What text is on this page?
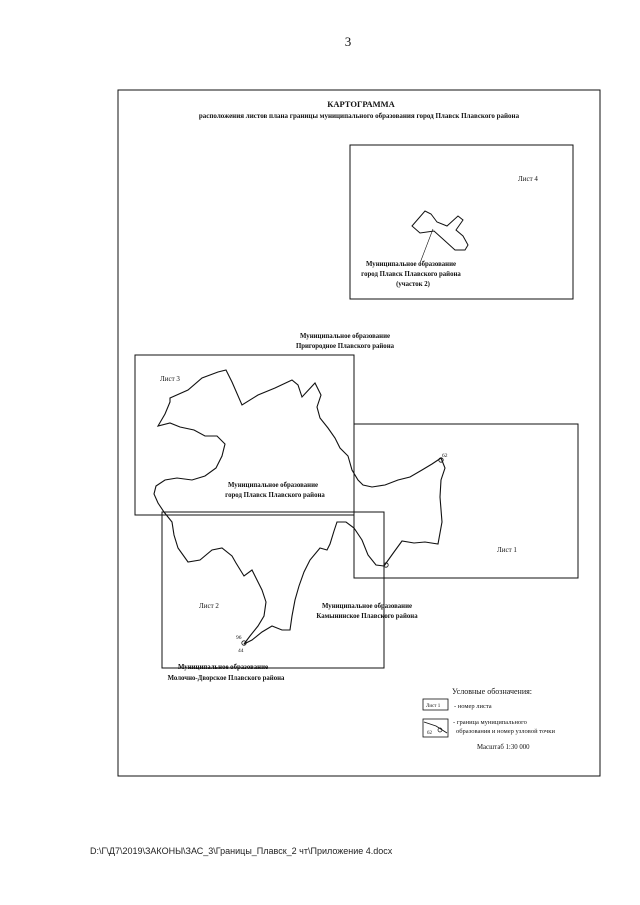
3
КАРТОГРАММА
расположения листов плана границы муниципального образования город Плавск Плавского района
Лист 4
Муниципальное образование
город Плавск Плавского района
(участок 2)
Муниципальное образование
Пригородное Плавского района
Лист 3
Лист 1
Лист 2
Муниципальное образование
город Плавск Плавского района
62
96
44
Муниципальное образование
Камынинское Плавского района
Муниципальное образование
Молочно-Дворское Плавского района
Условные обозначения:
Лист 1 - номер листа
62
- граница муниципального
образования и номер узловой точки
Масштаб 1:30 000
D:\Г\Д7\2019\ЗАКОНЫ\ЗАС_3\Границы_Плавск_2 чт\Приложение 4.docx
